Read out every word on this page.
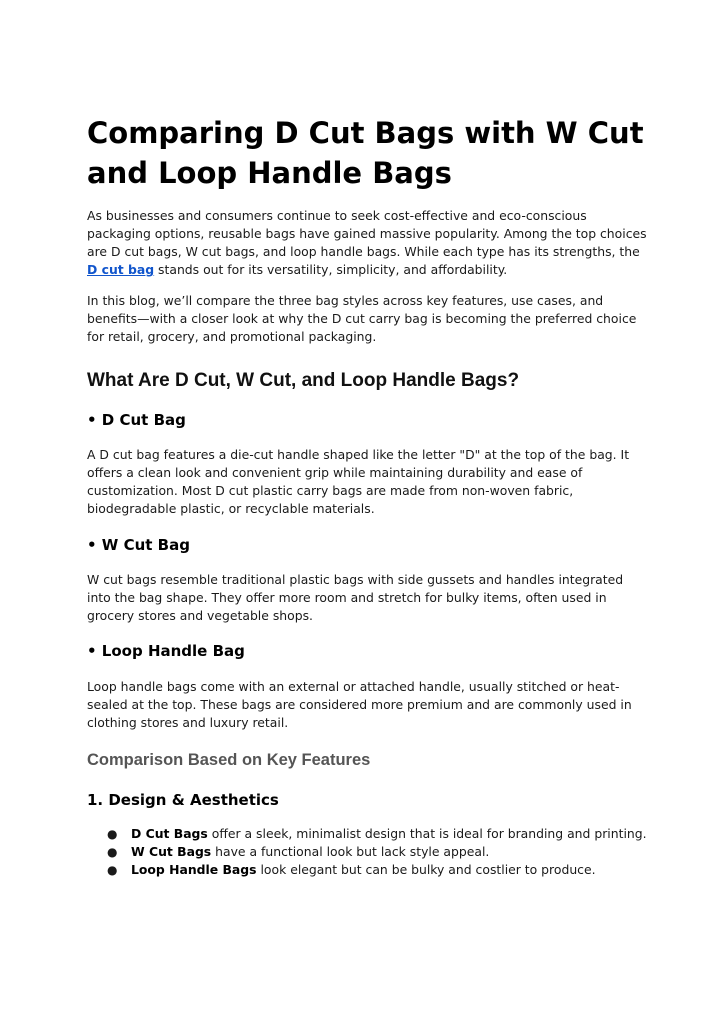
Comparing D Cut Bags with W Cut and Loop Handle Bags

As businesses and consumers continue to seek cost-effective and eco-conscious packaging options, reusable bags have gained massive popularity. Among the top choices are D cut bags, W cut bags, and loop handle bags. While each type has its strengths, the D cut bag stands out for its versatility, simplicity, and affordability.

In this blog, we’ll compare the three bag styles across key features, use cases, and benefits—with a closer look at why the D cut carry bag is becoming the preferred choice for retail, grocery, and promotional packaging.

What Are D Cut, W Cut, and Loop Handle Bags?
• D Cut Bag

A D cut bag features a die-cut handle shaped like the letter "D" at the top of the bag. It offers a clean look and convenient grip while maintaining durability and ease of customization. Most D cut plastic carry bags are made from non-woven fabric, biodegradable plastic, or recyclable materials.

• W Cut Bag

W cut bags resemble traditional plastic bags with side gussets and handles integrated into the bag shape. They offer more room and stretch for bulky items, often used in grocery stores and vegetable shops.

• Loop Handle Bag

Loop handle bags come with an external or attached handle, usually stitched or heat-sealed at the top. These bags are considered more premium and are commonly used in clothing stores and luxury retail.

Comparison Based on Key Features
1. Design & Aesthetics
● D Cut Bags offer a sleek, minimalist design that is ideal for branding and printing.
● W Cut Bags have a functional look but lack style appeal.
● Loop Handle Bags look elegant but can be bulky and costlier to produce.
